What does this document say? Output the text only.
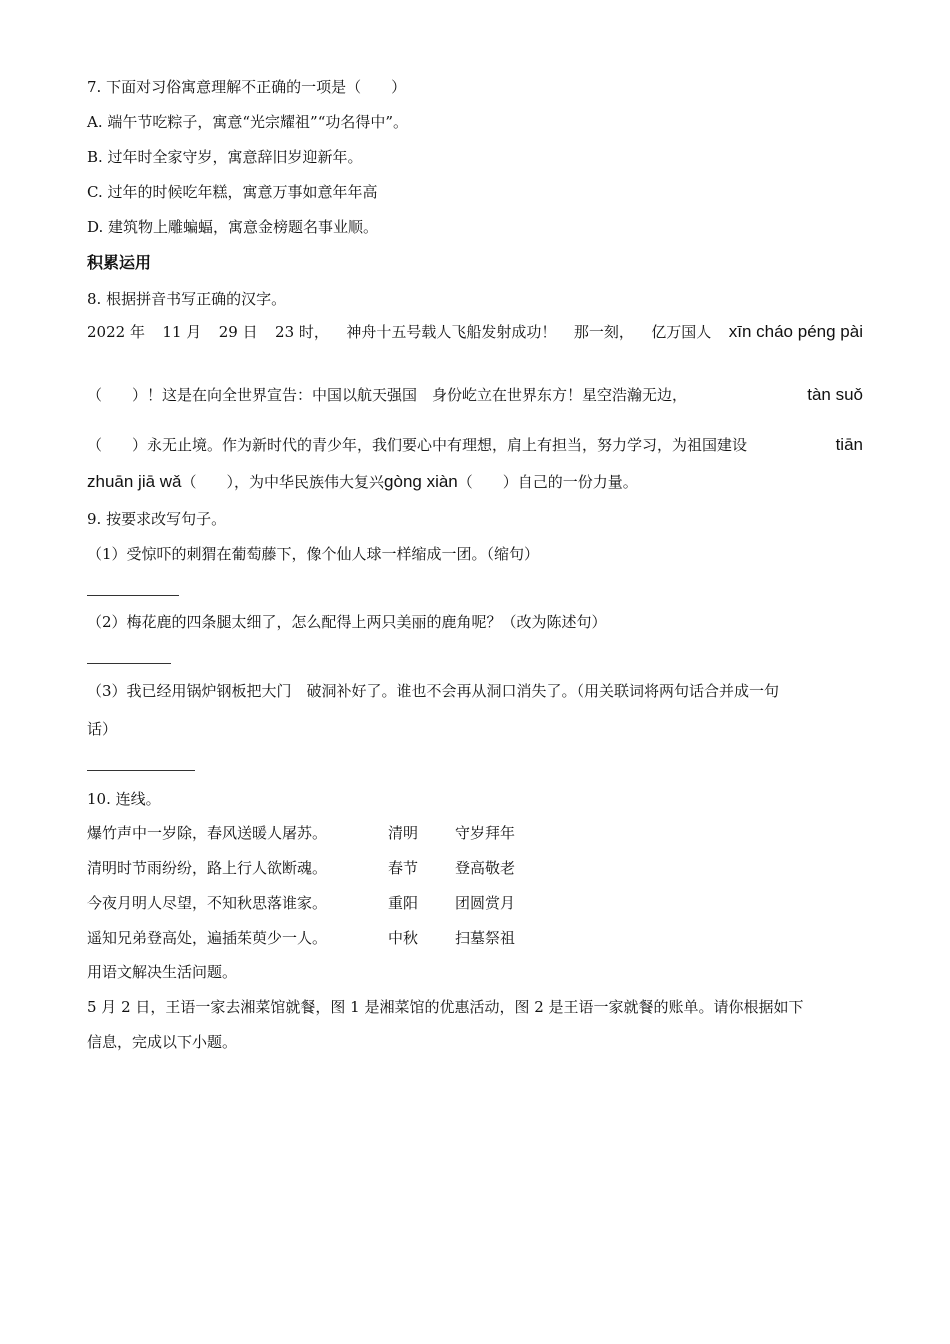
7. 下面对习俗寓意理解不正确的一项是（　　）
A. 端午节吃粽子，寓意“光宗耀祖”“功名得中”。
B. 过年时全家守岁，寓意辞旧岁迎新年。
C. 过年的时候吃年糕，寓意万事如意年年高
D. 建筑物上雕蝙蝠，寓意金榜题名事业顺。
积累运用
8. 根据拼音书写正确的汉字。
2022 年 11 月 29 日 23 时， 神舟十五号载人飞船发射成功！ 那一刻， 亿万国人 xīn cháo péng pài
（　　）！这是在向全世界宣告：中国以航天强国　身份屹立在世界东方！星空浩瀚无边，	tàn suǒ
（　　）永无止境。作为新时代的青少年，我们要心中有理想，肩上有担当，努力学习，为祖国建设	tiān
zhuān jiā wǎ（　　），为中华民族伟大复兴gòng xiàn（　　）自己的一份力量。
9. 按要求改写句子。
（1）受惊吓的刺猬在葡萄藤下，像个仙人球一样缩成一团。（缩句）
（2）梅花鹿的四条腿太细了，怎么配得上两只美丽的鹿角呢？（改为陈述句）
（3）我已经用锅炉钢板把大门　破洞补好了。谁也不会再从洞口消失了。（用关联词将两句话合并成一句
话）
10. 连线。
爆竹声中一岁除，春风送暖人屠苏。	清明 守岁拜年
清明时节雨纷纷，路上行人欲断魂。	春节 登高敬老
今夜月明人尽望，不知秋思落谁家。	重阳 团圆赏月
遥知兄弟登高处，遍插茱萸少一人。	中秋 扫墓祭祖
用语文解决生活问题。
5 月 2 日，王语一家去湘菜馆就餐，图 1 是湘菜馆的优惠活动，图 2 是王语一家就餐的账单。请你根据如下
信息，完成以下小题。
